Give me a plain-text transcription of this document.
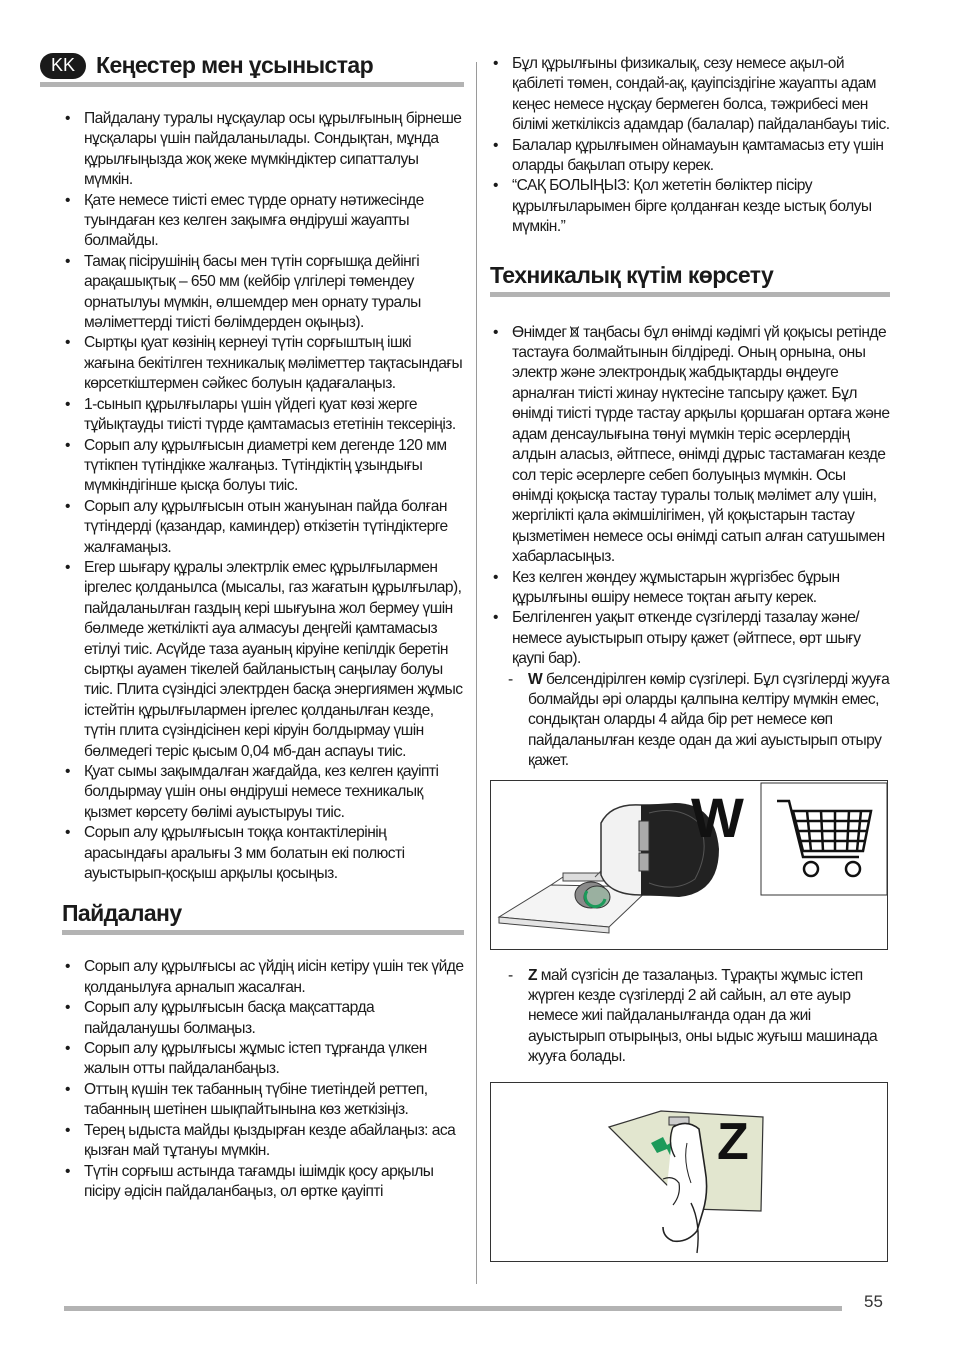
KK Кеңестер мен ұсыныстар
• Пайдалану туралы нұсқаулар осы құрылғының бірнеше нұсқалары үшін пайдаланылады. Сондықтан, мұнда құрылғыңызда жоқ жеке мүмкіндіктер сипатталуы мүмкін.
• Қате немесе тиісті емес түрде орнату нәтижесінде туындаған кез келген зақымға өндіруші жауапты болмайды.
• Тамақ пісірушінің басы мен түтін сорғышқа дейінгі арақашықтық – 650 мм (кейбір үлгілері төмендеу орнатылуы мүмкін, өлшемдер мен орнату туралы мәліметтерді тиісті бөлімдерден оқыңыз).
• Сыртқы қуат көзінің кернеуі түтін сорғыштың ішкі жағына бекітілген техникалық мәліметтер тақтасындағы көрсеткіштермен сәйкес болуын қадағалаңыз.
• 1-сынып құрылғылары үшін үйдегі қуат көзі жерге тұйықтауды тиісті түрде қамтамасыз ететінін тексеріңіз.
• Сорып алу құрылғысын диаметрі кем дегенде 120 мм түтікпен түтіндікке жалғаңыз. Түтіндіктің ұзындығы мүмкіндігінше қысқа болуы тиіс.
• Сорып алу құрылғысын отын жануынан пайда болған түтіндерді (қазандар, каминдер) өткізетін түтіндіктерге жалғамаңыз.
• Егер шығару құралы электрлік емес құрылғылармен іргелес қолданылса (мысалы, газ жағатын құрылғылар), пайдаланылған газдың кері шығуына жол бермеу үшін бөлмеде жеткілікті ауа алмасуы деңгейі қамтамасыз етілуі тиіс. Асүйде таза ауаның кіруіне кепілдік беретін сыртқы ауамен тікелей байланыстың саңылау болуы тиіс. Плита сүзіндісі электрден басқа энергиямен жұмыс істейтін құрылғылармен іргелес қолданылған кезде, түтін плита сүзіндісінен кері кіруін болдырмау үшін бөлмедегі теріс қысым 0,04 мб-дан аспауы тиіс.
• Қуат сымы зақымдалған жағдайда, кез келген қауіпті болдырмау үшін оны өндіруші немесе техникалық қызмет көрсету бөлімі ауыстыруы тиіс.
• Сорып алу құрылғысын тоққа контактілерінің арасындағы аралығы 3 мм болатын екі полюсті ауыстырып-қосқыш арқылы қосыңыз.
Пайдалану
• Сорып алу құрылғысы ас үйдің иісін кетіру үшін тек үйде қолданылуға арналып жасалған.
• Сорып алу құрылғысын басқа мақсаттарда пайдаланушы болмаңыз.
• Сорып алу құрылғысы жұмыс істеп тұрғанда үлкен жалын отты пайдаланбаңыз.
• Оттың күшін тек табанның түбіне тиетіндей реттеп, табанның шетінен шықпайтынына көз жеткізіңіз.
• Терең ыдыста майды қыздырған кезде абайлаңыз: аса қызған май тұтануы мүмкін.
• Түтін сорғыш астында тағамды ішімдік қосу арқылы пісіру әдісін пайдаланбаңыз, ол өртке қауіпті
• Бұл құрылғыны физикалық, сезу немесе ақыл-ой қабілеті төмен, сондай-ақ, қауіпсіздігіне жауапты адам кеңес немесе нұсқау бермеген болса, тәжрибесі мен білімі жеткіліксіз адамдар (балалар) пайдаланбауы тиіс.
• Балалар құрылғымен ойнамауын қамтамасыз ету үшін оларды бақылап отыру керек.
• “САҚ БОЛЫҢЫЗ: Қол жететін бөліктер пісіру құрылғыларымен бірге қолданған кезде ыстық болуы мүмкін.”
Техникалық күтім көрсету
• Өнімдег  таңбасы бұл өнімді кәдімгі үй қоқысы ретінде тастауға болмайтынын білдіреді. Оның орнына, оны электр және электрондық жабдықтарды өңдеуге арналған тиісті жинау нүктесіне тапсыру қажет. Бұл өнімді тиісті түрде тастау арқылы қоршаған ортаға және адам денсаулығына төнуі мүмкін теріс әсерлердің алдын алаcыз, әйтпесе, өнімді дұрыс тастамаған кезде сол теріс әсерлерге себеп болуыңыз мүмкін. Осы өнімді қоқысқа тастау туралы толық мәлімет алу үшін, жергілікті қала әкімшілігімен, үй қоқыстарын тастау қызметімен немесе осы өнімді сатып алған сатушымен хабарласыңыз.
• Кез келген жөндеу жұмыстарын жүргізбес бұрын құрылғыны өшіру немесе тоқтан ағыту керек.
• Белгіленген уақыт өткенде сүзгілерді тазалау және/ немесе ауыстырып отыру қажет (әйтпесе, өрт шығу қаупі бар).
- W белсендірілген көмір сүзгілері. Бұл сүзгілерді жууға болмайды әрі оларды қалпына келтіру мүмкін емес, сондықтан оларды 4 айда бір рет немесе көп пайдаланылған кезде одан да жиі ауыстырып отыру қажет.
W
- Z май сүзгісін де тазалаңыз. Тұрақты жұмыс істеп жүрген кезде сүзгілерді 2 ай сайын, ал өте ауыр немесе жиі пайдаланылғанда одан да жиі ауыстырып отырыңыз, оны ыдыс жуғыш машинада жууға болады.
Z
55
